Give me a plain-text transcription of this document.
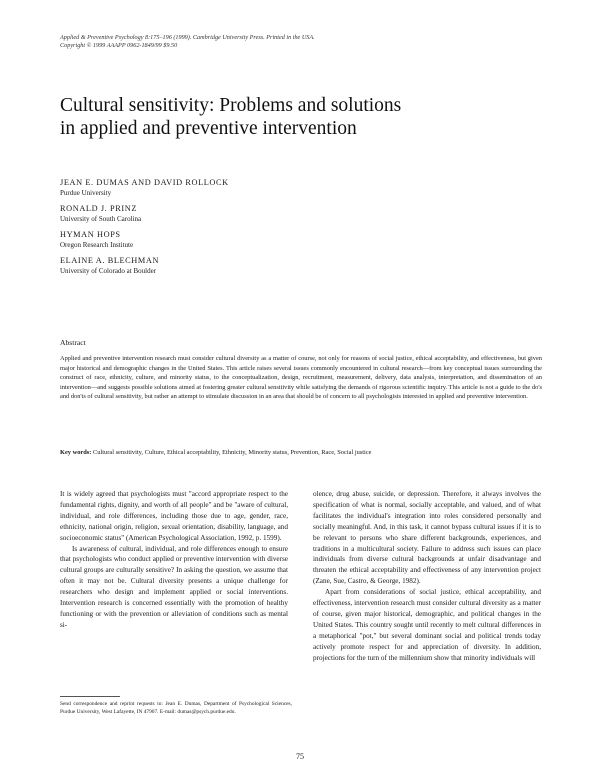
Applied & Preventive Psychology 8:175–196 (1999). Cambridge University Press. Printed in the USA.
Copyright © 1999 AAAPP 0962-1849/99 $9.50
Cultural sensitivity: Problems and solutions
in applied and preventive intervention
JEAN E. DUMAS AND DAVID ROLLOCK
Purdue University
RONALD J. PRINZ
University of South Carolina
HYMAN HOPS
Oregon Research Institute
ELAINE A. BLECHMAN
University of Colorado at Boulder
Abstract
Applied and preventive intervention research must consider cultural diversity as a matter of course, not only for reasons of social justice, ethical acceptability, and effectiveness, but given major historical and demographic changes in the United States. This article raises several issues commonly encountered in cultural research—from key conceptual issues surrounding the construct of race, ethnicity, culture, and minority status, to the conceptualization, design, recruitment, measurement, delivery, data analysis, interpretation, and dissemination of an intervention—and suggests possible solutions aimed at fostering greater cultural sensitivity while satisfying the demands of rigorous scientific inquiry. This article is not a guide to the do's and don'ts of cultural sensitivity, but rather an attempt to stimulate discussion in an area that should be of concern to all psychologists interested in applied and preventive intervention.
Key words: Cultural sensitivity, Culture, Ethical acceptability, Ethnicity, Minority status, Prevention, Race, Social justice

It is widely agreed that psychologists must "accord appropriate respect to the fundamental rights, dignity, and worth of all people" and be "aware of cultural, individual, and role differences, including those due to age, gender, race, ethnicity, national origin, religion, sexual orientation, disability, language, and socioeconomic status" (American Psychological Association, 1992, p. 1599).

Is awareness of cultural, individual, and role differences enough to ensure that psychologists who conduct applied or preventive intervention with diverse cultural groups are culturally sensitive? In asking the question, we assume that often it may not be. Cultural diversity presents a unique challenge for researchers who design and implement applied or social interventions. Intervention research is concerned essentially with the promotion of healthy functioning or with the prevention or alleviation of conditions such as mental si-

olence, drug abuse, suicide, or depression. Therefore, it always involves the specification of what is normal, socially acceptable, and valued, and of what facilitates the individual's integration into roles considered personally and socially meaningful. And, in this task, it cannot bypass cultural issues if it is to be relevant to persons who share different backgrounds, experiences, and traditions in a multicultural society. Failure to address such issues can place individuals from diverse cultural backgrounds at unfair disadvantage and threaten the ethical acceptability and effectiveness of any intervention project (Zane, Sue, Castro, & George, 1982).

Apart from considerations of social justice, ethical acceptability, and effectiveness, intervention research must consider cultural diversity as a matter of course, given major historical, demographic, and political changes in the United States. This country sought until recently to melt cultural differences in a metaphorical "pot," but several dominant social and political trends today actively promote respect for and appreciation of diversity. In addition, projections for the turn of the millennium show that minority individuals will

Send correspondence and reprint requests to: Jean E. Dumas, Department of Psychological Sciences, Purdue University, West Lafayette, IN 47907. E-mail: dumas@psych.purdue.edu.
75
